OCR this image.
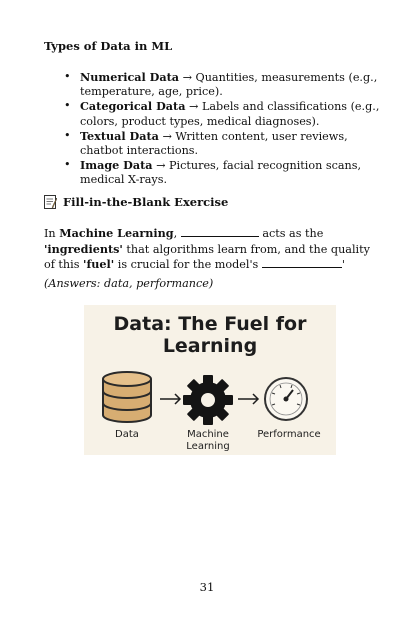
Types of Data in ML
• Numerical Data → Quantities, measurements (e.g., temperature, age, price).
• Categorical Data → Labels and classifications (e.g., colors, product types, medical diagnoses).
• Textual Data → Written content, user reviews, chatbot interactions.
• Image Data → Pictures, facial recognition scans, medical X-rays.
Fill-in-the-Blank Exercise

In Machine Learning,	acts as the 'ingredients' that algorithms learn from, and the quality of this 'fuel' is crucial for the model's	'

(Answers: data, performance)

Data: The Fuel for
Learning
Data	Machine
Learning
Performance
31
